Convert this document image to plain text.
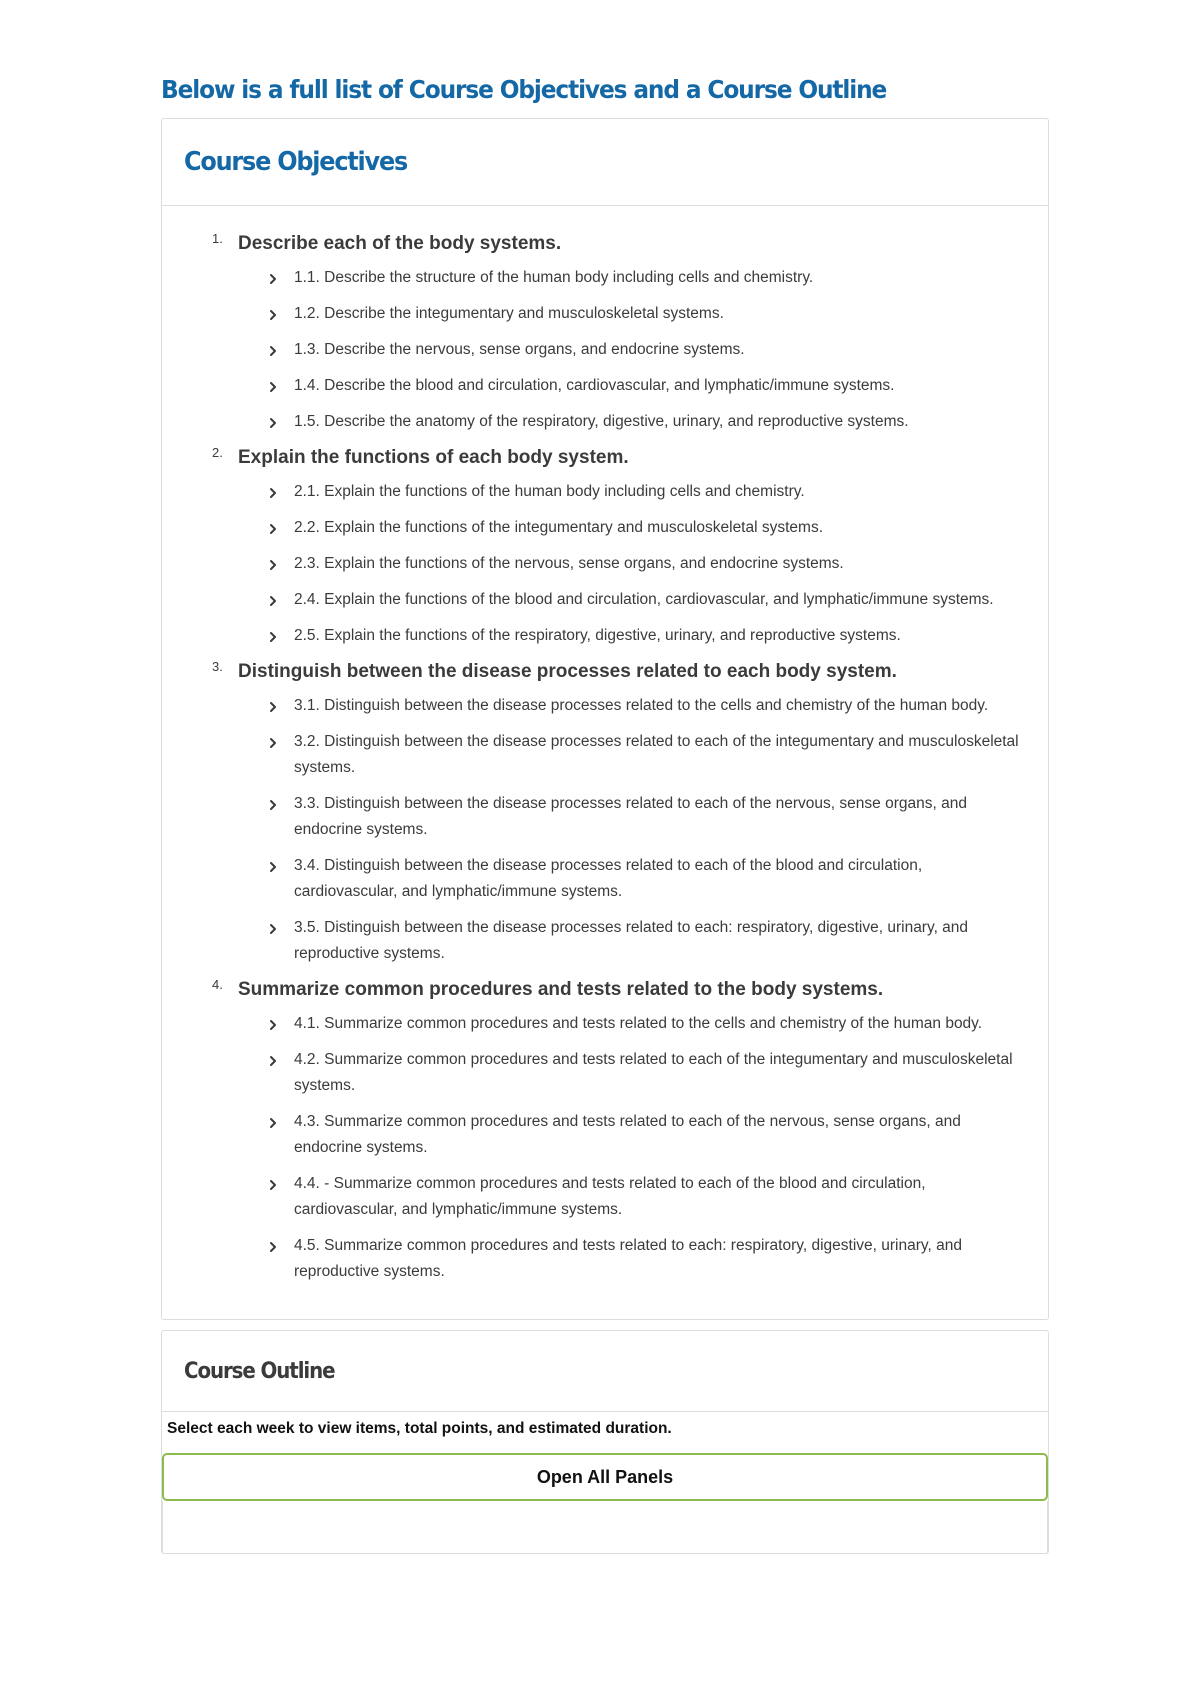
Below is a full list of Course Objectives and a Course Outline
Course Objectives
1. Describe each of the body systems.
1.1. Describe the structure of the human body including cells and chemistry.
1.2. Describe the integumentary and musculoskeletal systems.
1.3. Describe the nervous, sense organs, and endocrine systems.
1.4. Describe the blood and circulation, cardiovascular, and lymphatic/immune systems.
1.5. Describe the anatomy of the respiratory, digestive, urinary, and reproductive systems.
2. Explain the functions of each body system.
2.1. Explain the functions of the human body including cells and chemistry.
2.2. Explain the functions of the integumentary and musculoskeletal systems.
2.3. Explain the functions of the nervous, sense organs, and endocrine systems.
2.4. Explain the functions of the blood and circulation, cardiovascular, and lymphatic/immune systems.
2.5. Explain the functions of the respiratory, digestive, urinary, and reproductive systems.
3. Distinguish between the disease processes related to each body system.
3.1. Distinguish between the disease processes related to the cells and chemistry of the human body.
3.2. Distinguish between the disease processes related to each of the integumentary and musculoskeletal systems.
3.3. Distinguish between the disease processes related to each of the nervous, sense organs, and endocrine systems.
3.4. Distinguish between the disease processes related to each of the blood and circulation, cardiovascular, and lymphatic/immune systems.
3.5. Distinguish between the disease processes related to each: respiratory, digestive, urinary, and reproductive systems.
4. Summarize common procedures and tests related to the body systems.
4.1. Summarize common procedures and tests related to the cells and chemistry of the human body.
4.2. Summarize common procedures and tests related to each of the integumentary and musculoskeletal systems.
4.3. Summarize common procedures and tests related to each of the nervous, sense organs, and endocrine systems.
4.4. - Summarize common procedures and tests related to each of the blood and circulation, cardiovascular, and lymphatic/immune systems.
4.5. Summarize common procedures and tests related to each: respiratory, digestive, urinary, and reproductive systems.
Course Outline

Select each week to view items, total points, and estimated duration.

Open All Panels
